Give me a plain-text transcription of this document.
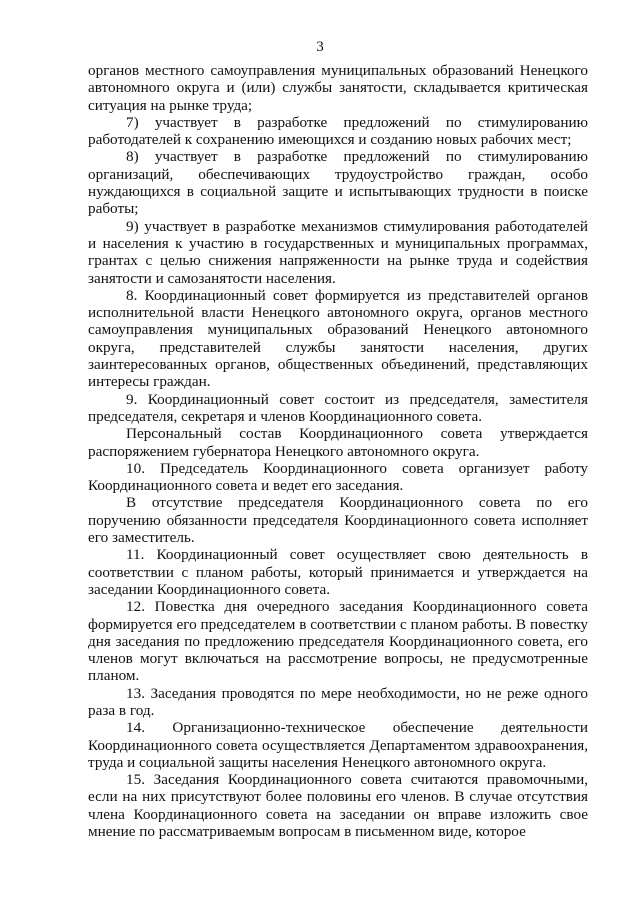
3

органов местного самоуправления муниципальных образований Ненецкого автономного округа и (или) службы занятости, складывается критическая ситуация на рынке труда;

7) участвует в разработке предложений по стимулированию работодателей к сохранению имеющихся и созданию новых рабочих мест;

8) участвует в разработке предложений по стимулированию организаций, обеспечивающих трудоустройство граждан, особо нуждающихся в социальной защите и испытывающих трудности в поиске работы;

9) участвует в разработке механизмов стимулирования работодателей и населения к участию в государственных и муниципальных программах, грантах с целью снижения напряженности на рынке труда и содействия занятости и самозанятости населения.

8. Координационный совет формируется из представителей органов исполнительной власти Ненецкого автономного округа, органов местного самоуправления муниципальных образований Ненецкого автономного округа, представителей службы занятости населения, других заинтересованных органов, общественных объединений, представляющих интересы граждан.

9. Координационный совет состоит из председателя, заместителя председателя, секретаря и членов Координационного совета.

Персональный состав Координационного совета утверждается распоряжением губернатора Ненецкого автономного округа.

10. Председатель Координационного совета организует работу Координационного совета и ведет его заседания.

В отсутствие председателя Координационного совета по его поручению обязанности председателя Координационного совета исполняет его заместитель.

11. Координационный совет осуществляет свою деятельность в соответствии с планом работы, который принимается и утверждается на заседании Координационного совета.

12. Повестка дня очередного заседания Координационного совета формируется его председателем в соответствии с планом работы. В повестку дня заседания по предложению председателя Координационного совета, его членов могут включаться на рассмотрение вопросы, не предусмотренные планом.

13. Заседания проводятся по мере необходимости, но не реже одного раза в год.

14. Организационно-техническое обеспечение деятельности Координационного совета осуществляется Департаментом здравоохранения, труда и социальной защиты населения Ненецкого автономного округа.

15. Заседания Координационного совета считаются правомочными, если на них присутствуют более половины его членов. В случае отсутствия члена Координационного совета на заседании он вправе изложить свое мнение по рассматриваемым вопросам в письменном виде, которое
